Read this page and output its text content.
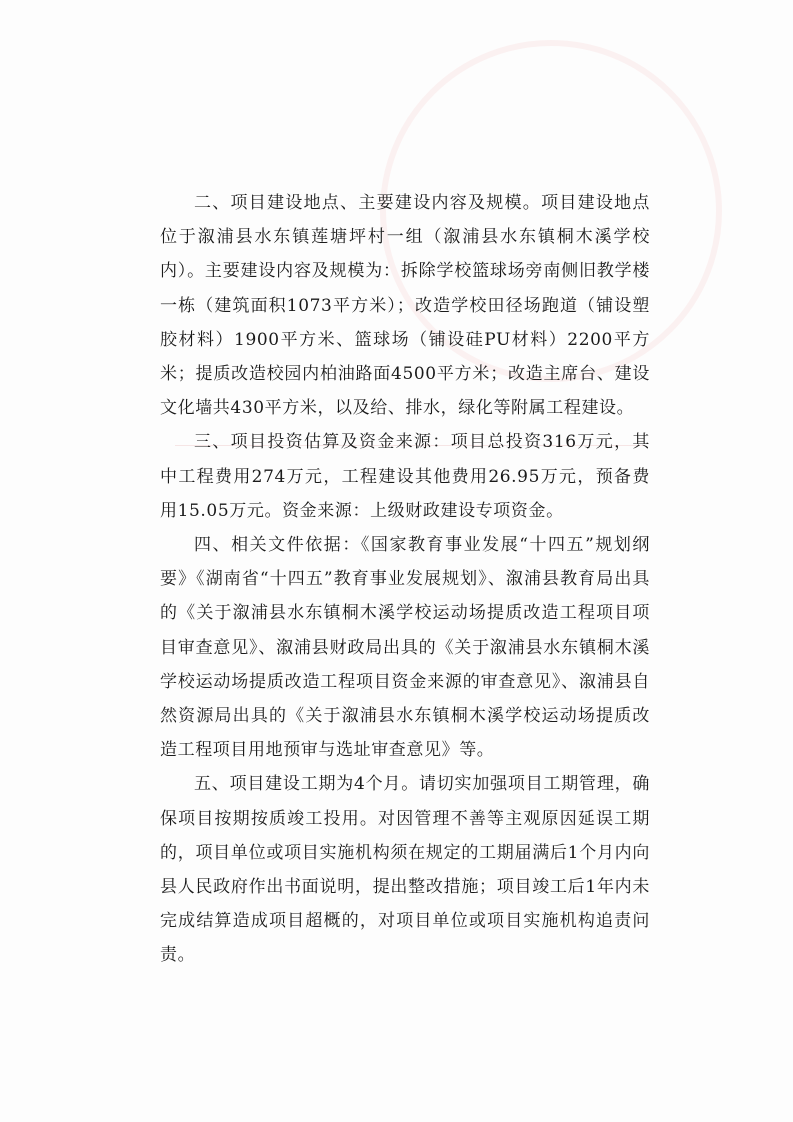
二、项目建设地点、主要建设内容及规模。项目建设地点位于溆浦县水东镇莲塘坪村一组（溆浦县水东镇桐木溪学校内）。主要建设内容及规模为：拆除学校篮球场旁南侧旧教学楼一栋（建筑面积1073平方米）；改造学校田径场跑道（铺设塑胶材料）1900平方米、篮球场（铺设硅PU材料）2200平方米；提质改造校园内柏油路面4500平方米；改造主席台、建设文化墙共430平方米，以及给、排水，绿化等附属工程建设。

三、项目投资估算及资金来源：项目总投资316万元，其中工程费用274万元，工程建设其他费用26.95万元，预备费用15.05万元。资金来源：上级财政建设专项资金。

四、相关文件依据：《国家教育事业发展“十四五”规划纲要》《湖南省“十四五”教育事业发展规划》、溆浦县教育局出具的《关于溆浦县水东镇桐木溪学校运动场提质改造工程项目项目审查意见》、溆浦县财政局出具的《关于溆浦县水东镇桐木溪学校运动场提质改造工程项目资金来源的审查意见》、溆浦县自然资源局出具的《关于溆浦县水东镇桐木溪学校运动场提质改造工程项目用地预审与选址审查意见》等。

五、项目建设工期为4个月。请切实加强项目工期管理，确保项目按期按质竣工投用。对因管理不善等主观原因延误工期的，项目单位或项目实施机构须在规定的工期届满后1个月内向县人民政府作出书面说明，提出整改措施；项目竣工后1年内未完成结算造成项目超概的，对项目单位或项目实施机构追责问责。
